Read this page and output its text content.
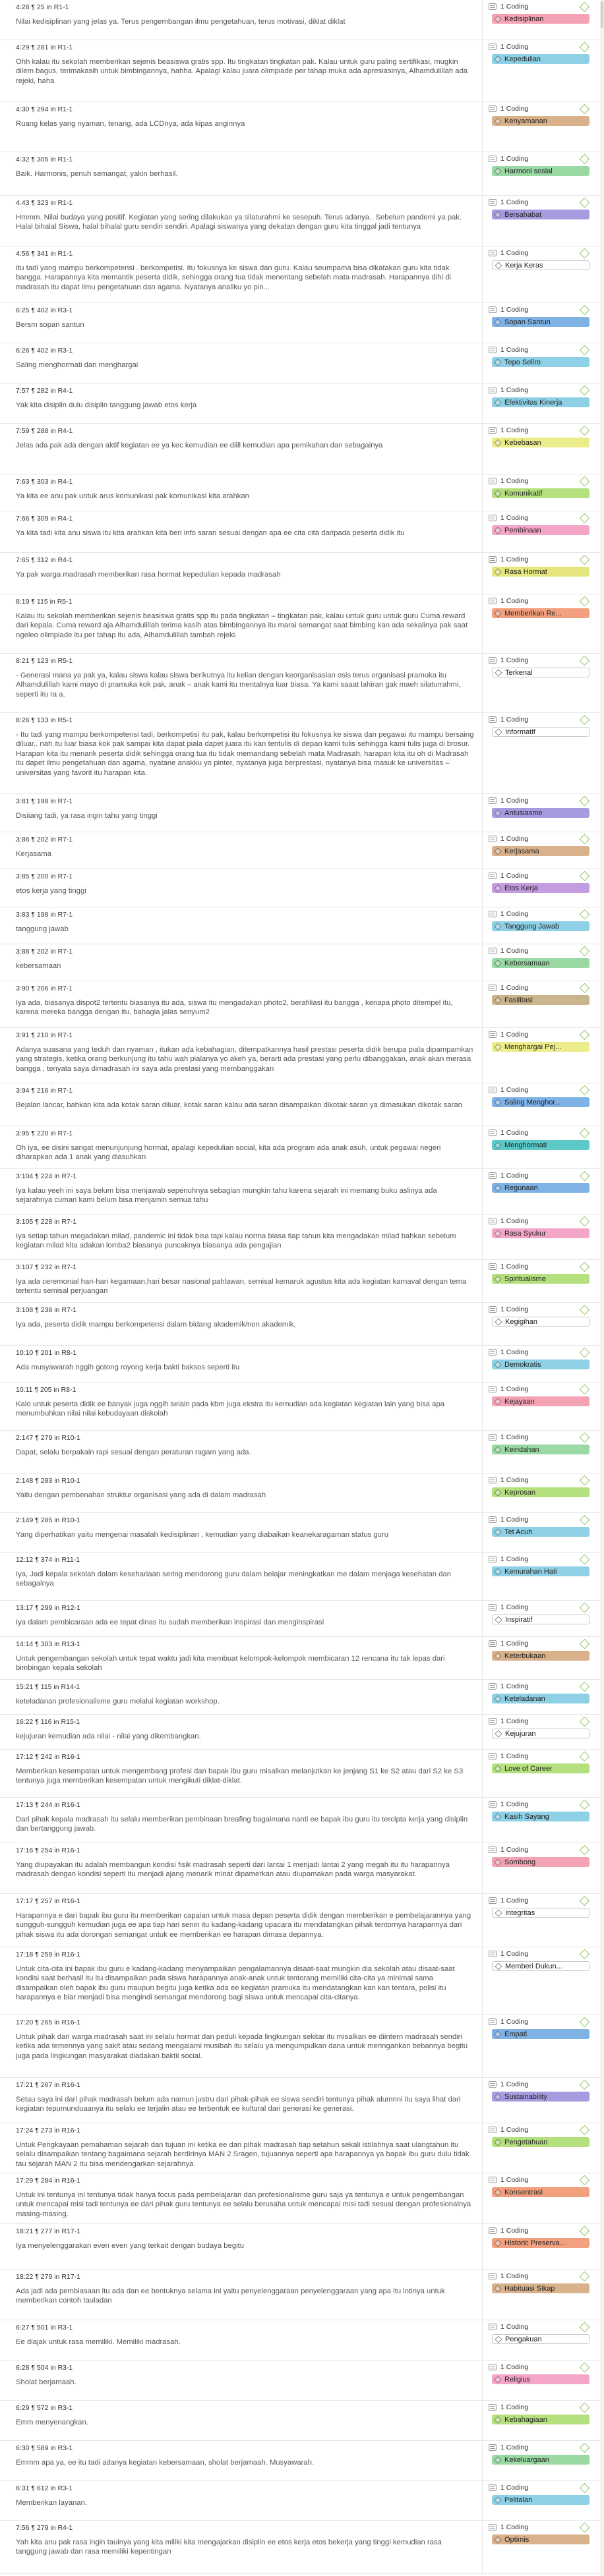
4:28 ¶ 25 in R1-1
Nilai kedisiplinan yang jelas ya. Terus pengembangan ilmu pengetahuan, terus motivasi, diklat diklat
1 Coding
Kedisiplinan
4:29 ¶ 281 in R1-1
Ohh kalau itu sekolah memberikan sejenis beasiswa gratis spp. Itu tingkatan tingkatan pak. Kalau untuk guru paling sertifikasi, mugkin dilem bagus, terimakasih untuk bimbingannya, hahha. Apalagi kalau juara olimpiade per tahap muka ada apresiasinya, Alhamdulillah ada rejeki, haha
1 Coding
Kepedulian
4:30 ¶ 294 in R1-1
Ruang kelas yang nyaman, tenang, ada LCDnya, ada kipas anginnya
1 Coding
Kenyamanan
4:32 ¶ 305 in R1-1
Baik. Harmonis, penuh semangat, yakin berhasil.
1 Coding
Harmoni sosial
4:43 ¶ 323 in R1-1
Hmmm. Nilai budaya yang positif. Kegiatan yang sering dilakukan ya silaturahmi ke sesepuh. Terus adanya.. Sebelum pandemi ya pak. Halal bihalal Siswa, halal bihalal guru sendiri sendiri. Apalagi siswanya yang dekatan dengan guru kita tinggal jadi tentunya
1 Coding
Bersahabat
4:56 ¶ 341 in R1-1
Itu tadi yang mampu berkompetensi . berkompetisi. Itu fokusnya ke siswa dan guru. Kalau seumpama bisa dikatakan guru kita tidak bangga. Harapannya kita memantik peserta didik, sehingga orang tua tidak menentang sebelah mata madrasah. Harapannya dihi di madrasah itu dapat ilmu pengetahuan dan agama. Nyatanya analiku yo pin...
1 Coding
Kerja Keras
6:25 ¶ 402 in R3-1
Bersm sopan santun
1 Coding
Sopan Santun
6:26 ¶ 402 in R3-1
Saling menghormati dan menghargai
1 Coding
Tepo Seliro
7:57 ¶ 282 in R4-1
Yak kita disiplin dulu disiplin tanggung jawab etos kerja
1 Coding
Efektivitas Kinerja
7:59 ¶ 288 in R4-1
Jelas ada pak ada dengan aktif kegiatan ee ya kec kemudian ee diill kemudian apa pemikahan dan sebagainya
1 Coding
Kebebasan
7:63 ¶ 303 in R4-1
Ya kita ee anu pak untuk arus komunikasi pak komunikasi kita arahkan
1 Coding
Komunikatif
7:66 ¶ 309 in R4-1
Ya kita tadi kita anu siswa itu kita arahkan kita beri info saran sesuai dengan apa ee cita cita daripada peserta didik itu
1 Coding
Pembinaan
7:65 ¶ 312 in R4-1
Ya pak warga madrasah memberikan rasa hormat kepedulian kepada madrasah
1 Coding
Rasa Hormat
8:19 ¶ 115 in R5-1
Kalau itu sekolah memberikan sejenis beasiswa gratis spp itu pada tingkatan – tingkatan pak, kalau untuk guru untuk guru Cuma reward dari kepala. Cuma reward aja Alhamdulillah terima kasih atas bimbingannya itu marai semangat saat bimbing kan ada sekalinya pak saat ngeleo olimpiade itu per tahap itu ada, Alhamdulillah tambah rejeki.
1 Coding
Memberikan Re...
8:21 ¶ 123 in R5-1
- Generasi mana ya pak ya, kalau siswa kalau siswa berikutnya itu kelian dengan keorganisasian osis terus organisasi pramuka itu Alhamdulillah kami mayo di pramuka kok pak, anak – anak kami itu mentalnya luar biasa. Ya kami saaat lahiran gak maeh silaturrahmi, seperti itu ra a.
1 Coding
Terkenal
8:26 ¶ 133 in R5-1
- Itu tadi yang mampu berkompetensi tadi, berkompetisi itu pak, kalau berkompetisi itu fokusnya ke siswa dan pegawai itu mampu bersaing diluar.. nah itu luar biasa kok pak sampai kita dapat piala dapet juara itu kan tentulis di depan kami tulis sehingga kami tulis juga di brosur. Harapan kita itu menarik peserta didik sehingga orang tua itu tidak memandang sebelah mata Madrasah, harapan kita itu oh di Madrasah itu dapet ilmu pengetahuan dan agama, nyatane anakku yo pinter, nyatanya juga berprestasi, nyatanya bisa masuk ke universitas – universitas yang favorit itu harapan kita.
1 Coding
Informatif
3:81 ¶ 198 in R7-1
Disiiang tadi, ya rasa ingin tahu yang tinggi
1 Coding
Antusiasme
3:86 ¶ 202 in R7-1
Kerjasama
1 Coding
Kerjasama
3:85 ¶ 200 in R7-1
etos kerja yang tinggi
1 Coding
Etos Kerja
3:83 ¶ 198 in R7-1
tanggung jawab
1 Coding
Tanggung Jawab
3:88 ¶ 202 in R7-1
kebersamaan
1 Coding
Kebersamaan
3:90 ¶ 206 in R7-1
Iya ada, biasanya dispot2 tertentu biasanya itu ada, siswa itu mengadakan photo2, berafiliasi itu bangga , kenapa photo ditempel itu, karena mereka bangga dengan itu, bahagia jalas senyum2
1 Coding
Fasilitasi
3:91 ¶ 210 in R7-1
Adanya suasana yang teduh dan nyaman , itukan ada kebahagian, ditempatkannya hasil prestasi peserta didik berupa piala dipampamkan yang strategis, ketika orang berkunjung itu tahu wah pialanya yo akeh ya, berarti ada prestasi yang perlu dibanggakan, anak akan merasa bangga , tenyata saya dimadrasah ini saya ada prestasi yang membanggakan
1 Coding
Menghargai Pej...
3:94 ¶ 216 in R7-1
Bejalan lancar, bahkan kita ada kotak saran diluar, kotak saran kalau ada saran disampaikan dikotak saran ya dimasukan dikotak saran
1 Coding
Saling Menghor...
3:95 ¶ 220 in R7-1
Oh iya, ee disini sangat menunjunjung hormat, apalagi kepedulian social, kita ada program ada anak asuh, untuk pegawai negeri diharapkan ada 1 anak yang diasuhkan
1 Coding
Menghormati
3:104 ¶ 224 in R7-1
Iya kalau yeeh ini saya belum bisa menjawab sepenuhnya sebagian mungkin tahu karena sejarah ini memang buku aslinya ada sejarahnya cuman kami belum bisa menjamin semua tahu
1 Coding
Regunaan
3:105 ¶ 228 in R7-1
Iya setiap tahun megadakan milad, pandemic ini tidak bisa tapi kalau norma biasa tiap tahun kita mengadakan milad bahkan sebelum kegiatan milad kita adakan lomba2 biasanya puncaknya biasanya ada pengajian
1 Coding
Rasa Syukur
3:107 ¶ 232 in R7-1
Iya ada ceremonial hari-hari kegamaan,hari besar nasional pahlawan, semisal kemaruk agustus kita ada kegiatan karnaval dengan tema tertentu semisal perjuangan
1 Coding
Spiritualisme
3:108 ¶ 238 in R7-1
Iya ada, peserta didik mampu berkompetensi dalam bidang akademik/non akademik,
1 Coding
Kegigihan
10:10 ¶ 201 in R8-1
Ada musyawarah nggih gotong royong kerja bakti baksos seperti itu
1 Coding
Demokratis
10:11 ¶ 205 in R8-1
Kalo untuk peserta didik ee banyak juga nggih selain pada kbm juga ekstra itu kemudian ada kegiatan kegiatan lain yang bisa apa menumbuhkan nilai nilai kebudayaan diskolah
1 Coding
Kejayaan
2:147 ¶ 279 in R10-1
Dapat, selalu berpakain rapi sesuai dengan peraturan ragam yang ada.
1 Coding
Keindahan
2:148 ¶ 283 in R10-1
Yaitu dengan pembenahan struktur organisasi yang ada di dalam madrasah
1 Coding
Keprosan
2:149 ¶ 285 in R10-1
Yang diperhatikan yaitu mengenai masalah kedisiplinan , kemudian yang diabaikan keanekaragaman status guru
1 Coding
Tet Acuh
12:12 ¶ 374 in R11-1
Iya, Jadi kepala sekolah dalam kesehariaan sering mendorong guru dalam belajar meningkatkan me dalam menjaga kesehatan dan sebagainya
1 Coding
Kemurahan Hati
13:17 ¶ 299 in R12-1
Iya dalam pembicaraan ada ee tepat dinas itu sudah memberikan inspirasi dan menginspirasi
1 Coding
Inspiratif
14:14 ¶ 303 in R13-1
Untuk pengembangan sekolah untuk tepat waktu jadi kita membuat kelompok-kelompok membicaran 12 rencana itu tak lepas dari bimbingan kepala sekolah
1 Coding
Keterbukaan
15:21 ¶ 115 in R14-1
keteladanan profesionalisme guru melalui kegiatan workshop.
1 Coding
Keteladanan
16:22 ¶ 116 in R15-1
kejujuran kemudian ada nilai - nilai yang dikembangkan.
1 Coding
Kejujuran
17:12 ¶ 242 in R16-1
Memberikan kesempatan untuk mengembang profesi dan bapak ibu guru misalkan melanjutkan ke jenjang S1 ke S2 atau dari S2 ke S3 tentunya juga memberikan kesempatan untuk mengikuti diklat-diklat.
1 Coding
Love of Career
17:13 ¶ 244 in R16-1
Dari pihak kepala madrasah itu selalu memberikan pembinaan breafing bagaimana nanti ee bapak ibu guru itu tercipta kerja yang disiplin dan bertanggung jawab.
1 Coding
Kasih Sayang
17:16 ¶ 254 in R16-1
Yang diupayakan itu adalah membangun kondisi fisik madrasah seperti dari lantai 1 menjadi lantai 2 yang megah itu itu harapannya madrasah dengan kondisi seperti itu menjadi ajang menarik minat dipamerkan atau diupamakan pada warga masyarakat.
1 Coding
Sombong
17:17 ¶ 257 in R16-1
Harapannya e dari bapak ibu guru itu memberikan capaian untuk masa depan peserta didik dengan memberikan e pembelajarannya yang sungguh-sungguh kemudian juga ee apa tiap hari senin itu kadang-kadang upacara itu mendatangkan pihak tentornya harapannya dari pihak siswa itu ada dorongan semangat untuk ee memberikan ee harapan dimasa depannya.
1 Coding
Integritas
17:18 ¶ 259 in R16-1
Untuk cita-cita ini bapak ibu guru e kadang-kadang menyampaikan pengalamannya disaat-saat mungkin dia sekolah atau disaat-saat kondisi saat berhasil itu itu disampaikan pada siswa harapannya anak-anak untuk tentorang memiliki cita-cita ya minimal sama disampaikan oleh bapak ibu guru maupun begitu juga ketika ada ee kegiatan pramuka itu mendatangkan kan kan tentara, polisi itu harapannya e biar menjadi bisa mengindi semangat mendorong bagi siswa untuk mencapai cita-citanya.
1 Coding
Memberi Dukun...
17:20 ¶ 265 in R16-1
Untuk pihak dari warga madrasah saat ini selalu hormat dan peduli kepada lingkungan sekitar itu misalkan ee diintern madrasah sendiri ketika ada temennya yang sakit atau sedang mengalami musibah itu selalu ya mengumpulkan dana untuk meringankan bebannya begitu juga pada lingkungan masyarakat diadakan baktii social.
1 Coding
Empati
17:21 ¶ 267 in R16-1
Setau saya ini dari pihak madrasah belum ada namun justru dari pihak-pihak ee siswa sendiri tentunya pihak alumnni itu saya lihat dari kegiatan tepumunduaanya itu selalu ee terjalin atau ee terbentuk ee kultural dari generasi ke generasi.
1 Coding
Sustainability
17:24 ¶ 273 in R16-1
Untuk Pengkayaan pemahaman sejarah dan tujuan ini ketika ee dari pihak madrasah tiap setahun sekali istilahnya saat ulangtahun itu selalu disampaikan tentang bagaimana sejarah berdirinya MAN 2 Sragen, tujuannya seperti apa harapannya ya bapak ibu guru dulu tidak tau sejarah MAN 2 itu bisa mendengarkan sejarahnya.
1 Coding
Pengetahuan
17:29 ¶ 284 in R16-1
Untuk ini tentunya ini tentunya tidak hanya focus pada pembelajaran dan profesionalisme guru saja ya tentunya e untuk pengembangan untuk mencapai misi tadi tentunya ee dari pihak guru tentunya ee selalu berusaha untuk mencapai misi tadi sesuai dengan profesionalnya masing-masing.
1 Coding
Konsentrasi
18:21 ¶ 277 in R17-1
Iya menyelenggarakan even even yang terkait dengan budaya begitu
1 Coding
Historic Preserva...
18:22 ¶ 279 in R17-1
Ada jadi ada pembiasaan itu ada dan ee bentuknya selama ini yaitu penyelenggaraan penyelenggaraan yang apa itu intinya untuk memberikan contoh tauladan
1 Coding
Habituasi Sikap
6:27 ¶ 501 in R3-1
Ee diajak untuk rasa memiliki. Memiliki madrasah.
1 Coding
Pengakuan
6:28 ¶ 504 in R3-1
Sholat berjamaah.
1 Coding
Religius
6:29 ¶ 572 in R3-1
Emm menyenangkan.
1 Coding
Kebahagiaan
6:30 ¶ 589 in R3-1
Emmm apa ya, ee itu tadi adanya kegiatan kebersamaan, sholat berjamaah. Musyawarah.
1 Coding
Kekeluargaan
6:31 ¶ 612 in R3-1
Memberikan layanan.
1 Coding
Pelitalan
7:56 ¶ 279 in R4-1
Yah kita anu pak rasa ingin tauinya yang kita miliki kita mengajarkan disiplin ee etos kerja etos bekerja yang tinggi kemudian rasa tanggung jawab dan rasa memiliki kepentingan
1 Coding
Optimis
